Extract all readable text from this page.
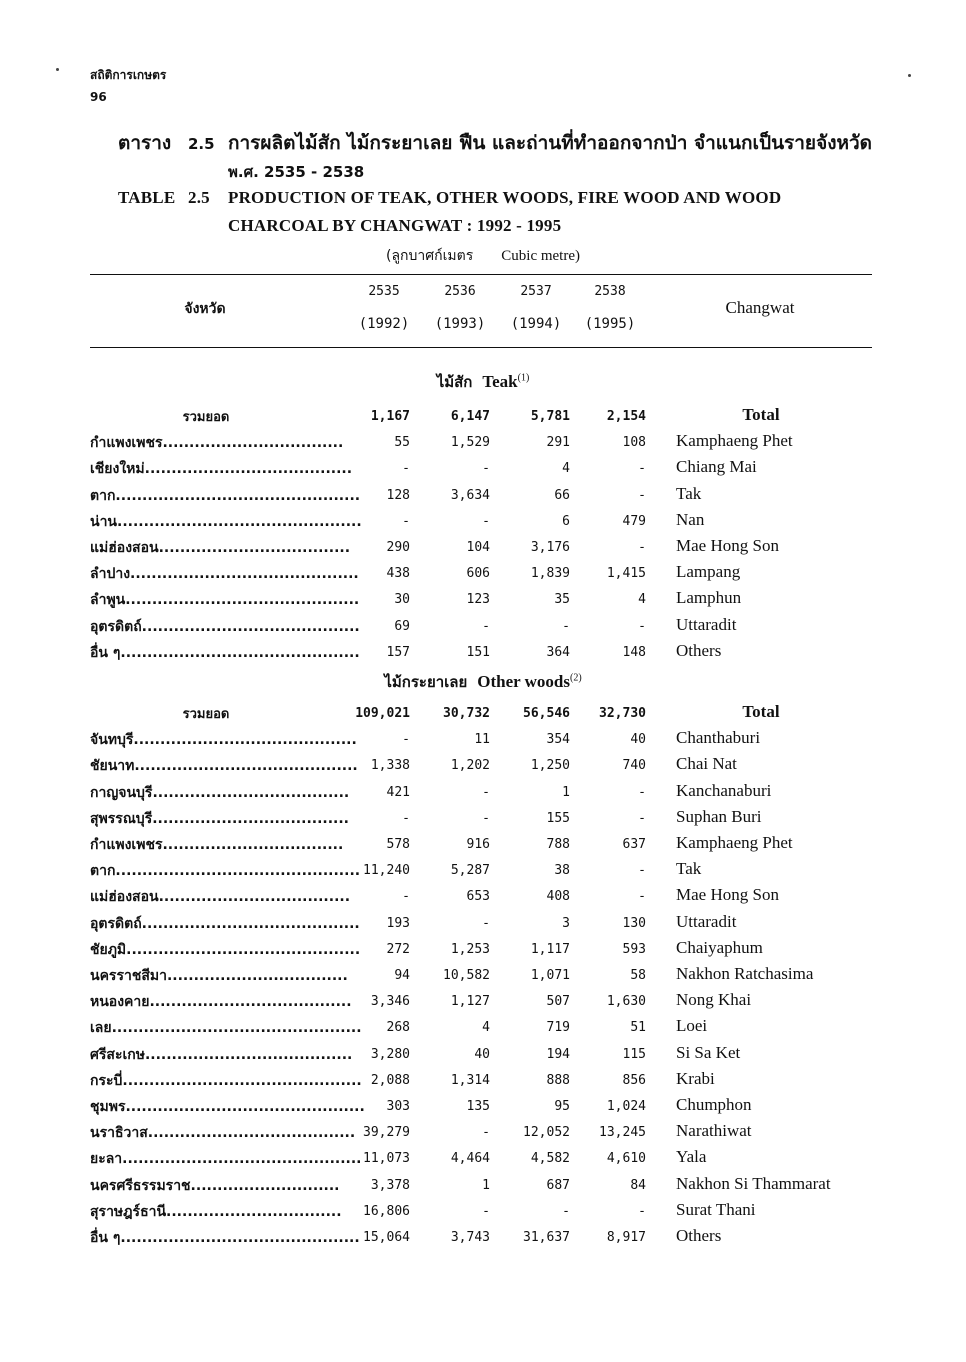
สถิติการเกษตร
96
ตาราง 2.5 การผลิตไม้สัก ไม้กระยาเลย ฟืน และถ่านที่ทำออกจากป่า จำแนกเป็นรายจังหวัด
พ.ศ. 2535 - 2538
TABLE 2.5 PRODUCTION OF TEAK, OTHER WOODS, FIRE WOOD AND WOOD
CHARCOAL BY CHANGWAT : 1992 - 1995
(ลูกบาศก์เมตร Cubic metre)
จังหวัด
2535	2536	2537	2538
(1992)	(1993)	(1994)	(1995)
Changwat
ไม้สัก Teak$^{(1)}$
ไม้กระยาเลย Other woods$^{(2)}$
รวมยอด	1,167	6,147	5,781	2,154	Total
กำแพงเพชร..................................	55	1,529	291	108 Kamphaeng Phet
เชียงใหม่.......................................	-	-	4	- Chiang Mai
ตาก..............................................	128	3,634	66	- Tak
น่าน..............................................	-	-	6	479 Nan
แม่ฮ่องสอน....................................	290	104	3,176	- Mae Hong Son
ลำปาง...........................................	438	606	1,839	1,415 Lampang
ลำพูน............................................	30	123	35	4 Lamphun
อุตรดิตถ์.........................................	69	-	-	- Uttaradit
อื่น ๆ.............................................	157	151	364	148 Others
รวมยอด	109,021	30,732	56,546	32,730	Total
จันทบุรี..........................................	-	11	354	40 Chanthaburi
ชัยนาท..........................................	1,338	1,202	1,250	740 Chai Nat
กาญจนบุรี.....................................	421	-	1	- Kanchanaburi
สุพรรณบุรี.....................................	-	-	155	- Suphan Buri
กำแพงเพชร..................................	578	916	788	637 Kamphaeng Phet
ตาก.............................................. 11,240	5,287	38	- Tak
แม่ฮ่องสอน....................................	-	653	408	- Mae Hong Son
อุตรดิตถ์.........................................	193	-	3	130 Uttaradit
ชัยภูมิ............................................	272	1,253	1,117	593 Chaiyaphum
นครราชสีมา..................................	94	10,582	1,071	58 Nakhon Ratchasima
หนองคาย......................................	3,346	1,127	507	1,630 Nong Khai
เลย...............................................	268	4	719	51 Loei
ศรีสะเกษ.......................................	3,280	40	194	115 Si Sa Ket
กระบี่............................................. 2,088	1,314	888	856 Krabi
ชุมพร.............................................	303	135	95	1,024 Chumphon
นราธิวาส....................................... 39,279	-	12,052	13,245 Narathiwat
ยะลา............................................. 11,073	4,464	4,582	4,610 Yala
นครศรีธรรมราช............................	3,378	1	687	84 Nakhon Si Thammarat
สุราษฎร์ธานี.................................	16,806	-	-	- Surat Thani
อื่น ๆ............................................. 15,064	3,743	31,637	8,917 Others
